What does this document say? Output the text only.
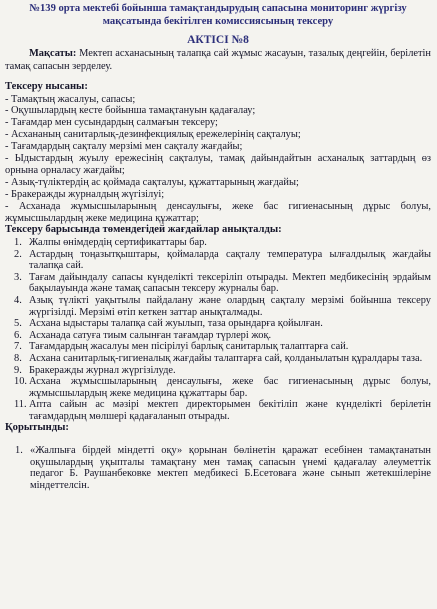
№139 орта мектебі бойынша тамақтандырудың сапасына мониторинг жүргізу
мақсатында бекітілген комиссиясының тексеру
АКТІСІ №8
Мақсаты: Мектеп асханасының талапқа сай жұмыс жасауын, тазалық деңгейін, берілетін тамақ сапасын зерделеу.
Тексеру нысаны:
- Тамақтың жасалуы, сапасы;
- Оқушылардың кесте бойынша тамақтануын қадағалау;
- Тағамдар мен сусындардың салмағын тексеру;
- Асхананың санитарлық-дезинфекциялық ережелерінің сақталуы;
- Тағамдардың сақталу мерзімі мен сақталу жағдайы;
- Ыдыстардың жуылу ережесінің сақталуы, тамақ дайындайтын асханалық заттардың өз орнына орналасу жағдайы;
- Азық-түліктердің ас қоймада сақталуы, құжаттарының жағдайы;
- Бракеражды журналдың жүгізілуі;
- Асханада жұмысшыларының денсаулығы, жеке бас гигиенасының дұрыс болуы, жұмысшылардың жеке медицина құжаттар;
Тексеру барысында төмендегідей жағдайлар анықталды:
1. Жалпы өнімдердің сертификаттары бар.
2. Астардың тоңазытқыштары, қоймаларда сақталу температура ылғалдылық жағдайы талапқа сай.
3. Тағам дайындалу сапасы күнделікті тексеріліп отырады. Мектеп медбикесінің эрдайым бақылауында және тамақ сапасын тексеру журналы бар.
4. Азық түлікті уақытылы пайдалану және олардың сақталу мерзімі бойынша тексеру жүргізілді. Мерзімі өтіп кеткен заттар анықталмады.
5. Асхана ыдыстары талапқа сай жуылып, таза орындарға қойылған.
6. Асханада сатуға тиым салынған тағамдар түрлері жоқ.
7. Тағамдардың жасалуы мен пісірілуі барлық санитарлық талаптарға сай.
8. Асхана санитарлық-гигиеналық жағдайы талаптарға сай, қолданылатын құралдары таза.
9. Бракеражды журнал жүргізілуде.
10. Асхана жұмысшыларының денсаулығы, жеке бас гигиенасының дұрыс болуы, жұмысшылардың жеке медицина құжаттары бар.
11. Апта сайын ас мәзірі мектеп директорымен бекітіліп және күнделікті берілетін тағамдардың мөлшері қадағаланып отырады.
Қорытынды:
1. «Жалпыға бірдей міндетті оқу» қорынан бөлінетін қаражат есебінен тамақтанатын оқушылардың уқыпталы тамақтану мен тамақ сапасын үнемі қадағалау әлеуметтік педагог Б. Раушанбековке мектеп медбикесі Б.Есетоваға және сынып жетекшілеріне міндеттелсін.
